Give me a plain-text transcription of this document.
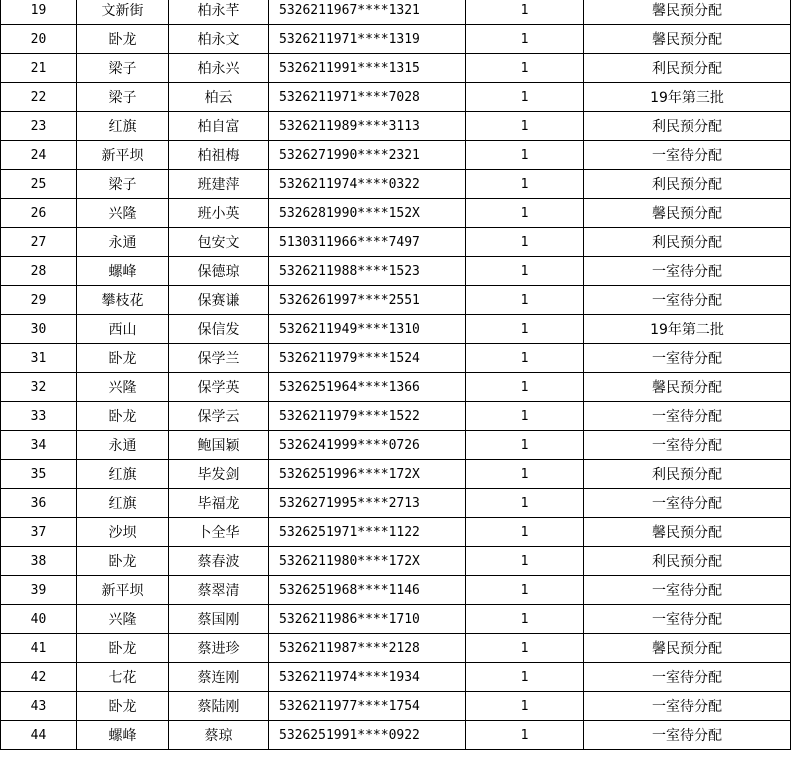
19	文新街	柏永芊	5326211967****1321	1	馨民预分配
20	卧龙	柏永文	5326211971****1319	1	馨民预分配
21	梁子	柏永兴	5326211991****1315	1	利民预分配
22	梁子	柏云	5326211971****7028	1	19年第三批
23	红旗	柏自富	5326211989****3113	1	利民预分配
24	新平坝	柏祖梅	5326271990****2321	1	一室待分配
25	梁子	班建萍	5326211974****0322	1	利民预分配
26	兴隆	班小英	5326281990****152X	1	馨民预分配
27	永通	包安文	5130311966****7497	1	利民预分配
28	螺峰	保德琼	5326211988****1523	1	一室待分配
29	攀枝花	保赛谦	5326261997****2551	1	一室待分配
30	西山	保信发	5326211949****1310	1	19年第二批
31	卧龙	保学兰	5326211979****1524	1	一室待分配
32	兴隆	保学英	5326251964****1366	1	馨民预分配
33	卧龙	保学云	5326211979****1522	1	一室待分配
34	永通	鲍国颖	5326241999****0726	1	一室待分配
35	红旗	毕发剑	5326251996****172X	1	利民预分配
36	红旗	毕福龙	5326271995****2713	1	一室待分配
37	沙坝	卜全华	5326251971****1122	1	馨民预分配
38	卧龙	蔡春波	5326211980****172X	1	利民预分配
39	新平坝	蔡翠清	5326251968****1146	1	一室待分配
40	兴隆	蔡国刚	5326211986****1710	1	一室待分配
41	卧龙	蔡进珍	5326211987****2128	1	馨民预分配
42	七花	蔡连刚	5326211974****1934	1	一室待分配
43	卧龙	蔡陆刚	5326211977****1754	1	一室待分配
44	螺峰	蔡琼	5326251991****0922	1	一室待分配
